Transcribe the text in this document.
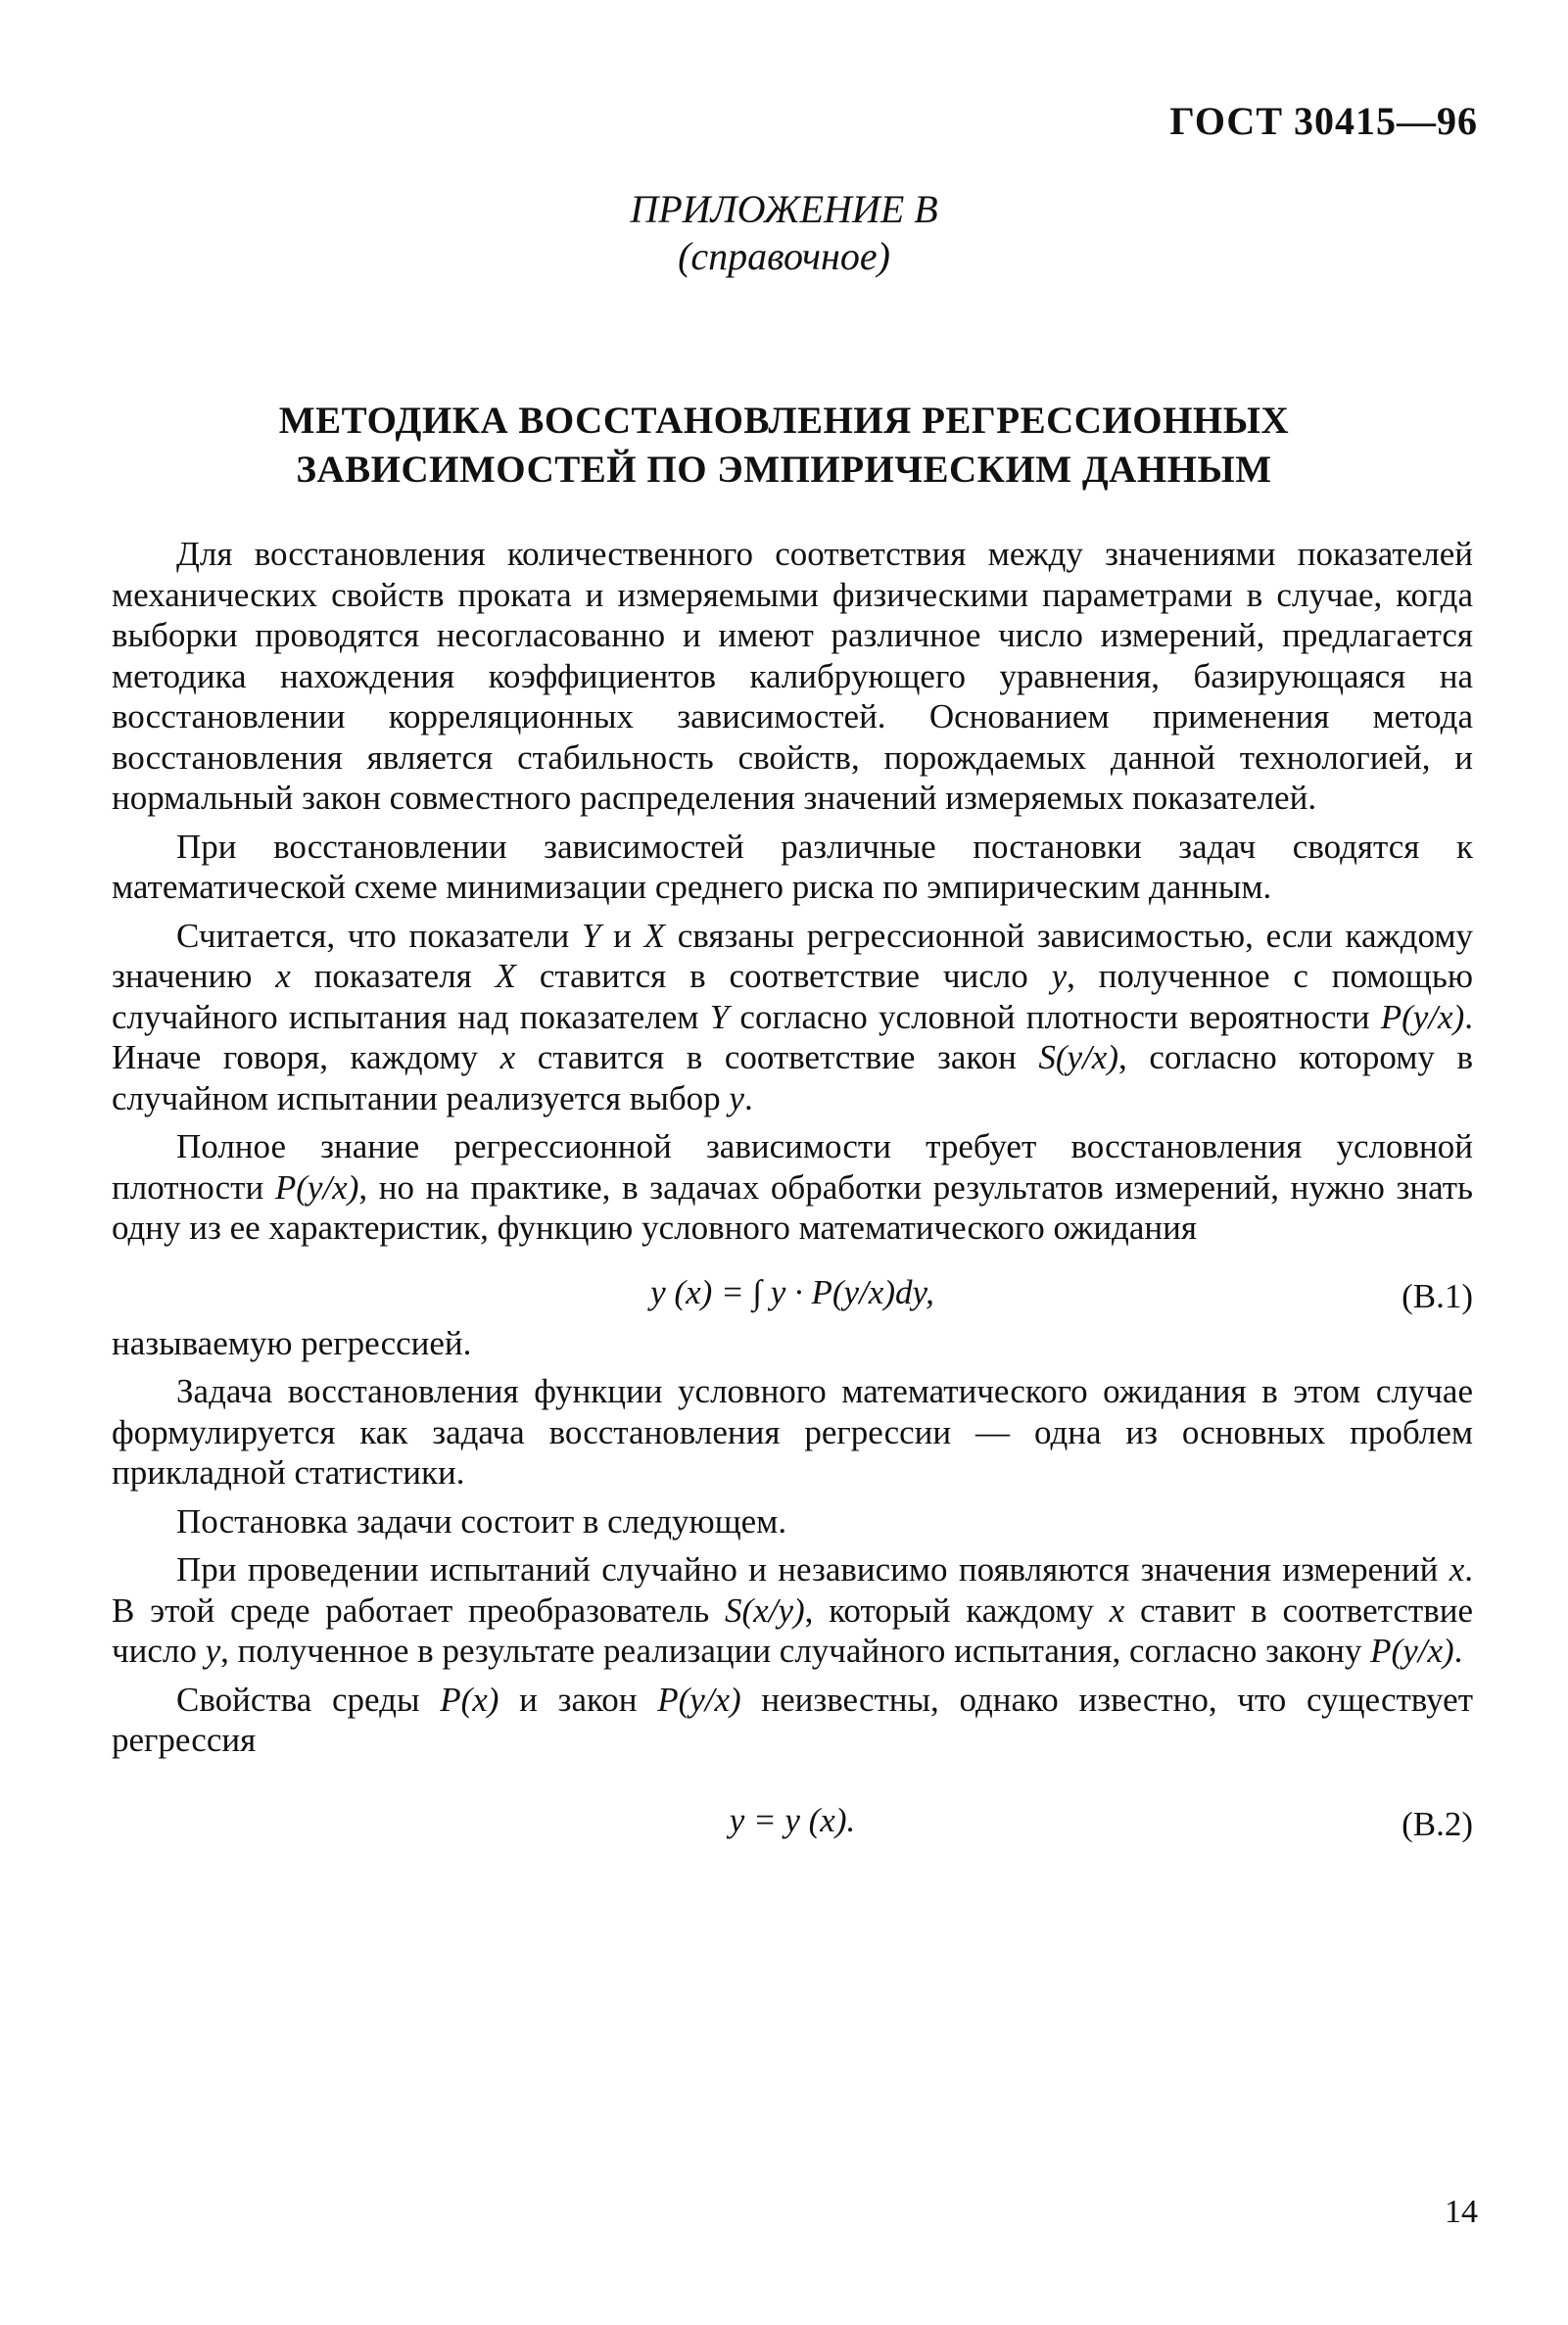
ГОСТ 30415—96
ПРИЛОЖЕНИЕ В
(справочное)
МЕТОДИКА ВОССТАНОВЛЕНИЯ РЕГРЕССИОННЫХ
ЗАВИСИМОСТЕЙ ПО ЭМПИРИЧЕСКИМ ДАННЫМ

Для восстановления количественного соответствия между значениями показателей механических свойств проката и измеряемыми физическими параметрами в случае, когда выборки проводятся несогласованно и имеют различное число измерений, предлагается методика нахождения коэффициентов калибрующего уравнения, базирующаяся на восстановлении корреляционных зависимостей. Основанием применения метода восстановления является стабильность свойств, порождаемых данной технологией, и нормальный закон совместного распределения значений измеряемых показателей.

При восстановлении зависимостей различные постановки задач сводятся к математической схеме минимизации среднего риска по эмпирическим данным.

Считается, что показатели Y и X связаны регрессионной зависимостью, если каждому значению x показателя X ставится в соответствие число y, полученное с помощью случайного испытания над показателем Y согласно условной плотности вероятности P(y/x). Иначе говоря, каждому x ставится в соответствие закон S(y/x), согласно которому в случайном испытании реализуется выбор y.

Полное знание регрессионной зависимости требует восстановления условной плотности P(y/x), но на практике, в задачах обработки результатов измерений, нужно знать одну из ее характеристик, функцию условного математического ожидания

y (x) = ∫ y · P(y/x)dy,	(В.1)

называемую регрессией.

Задача восстановления функции условного математического ожидания в этом случае формулируется как задача восстановления регрессии — одна из основных проблем прикладной статистики.

Постановка задачи состоит в следующем.

При проведении испытаний случайно и независимо появляются значения измерений x. В этой среде работает преобразователь S(x/y), который каждому x ставит в соответствие число y, полученное в результате реализации случайного испытания, согласно закону P(y/x).

Свойства среды P(x) и закон P(y/x) неизвестны, однако известно, что существует регрессия

y = y (x).	(В.2)
14
